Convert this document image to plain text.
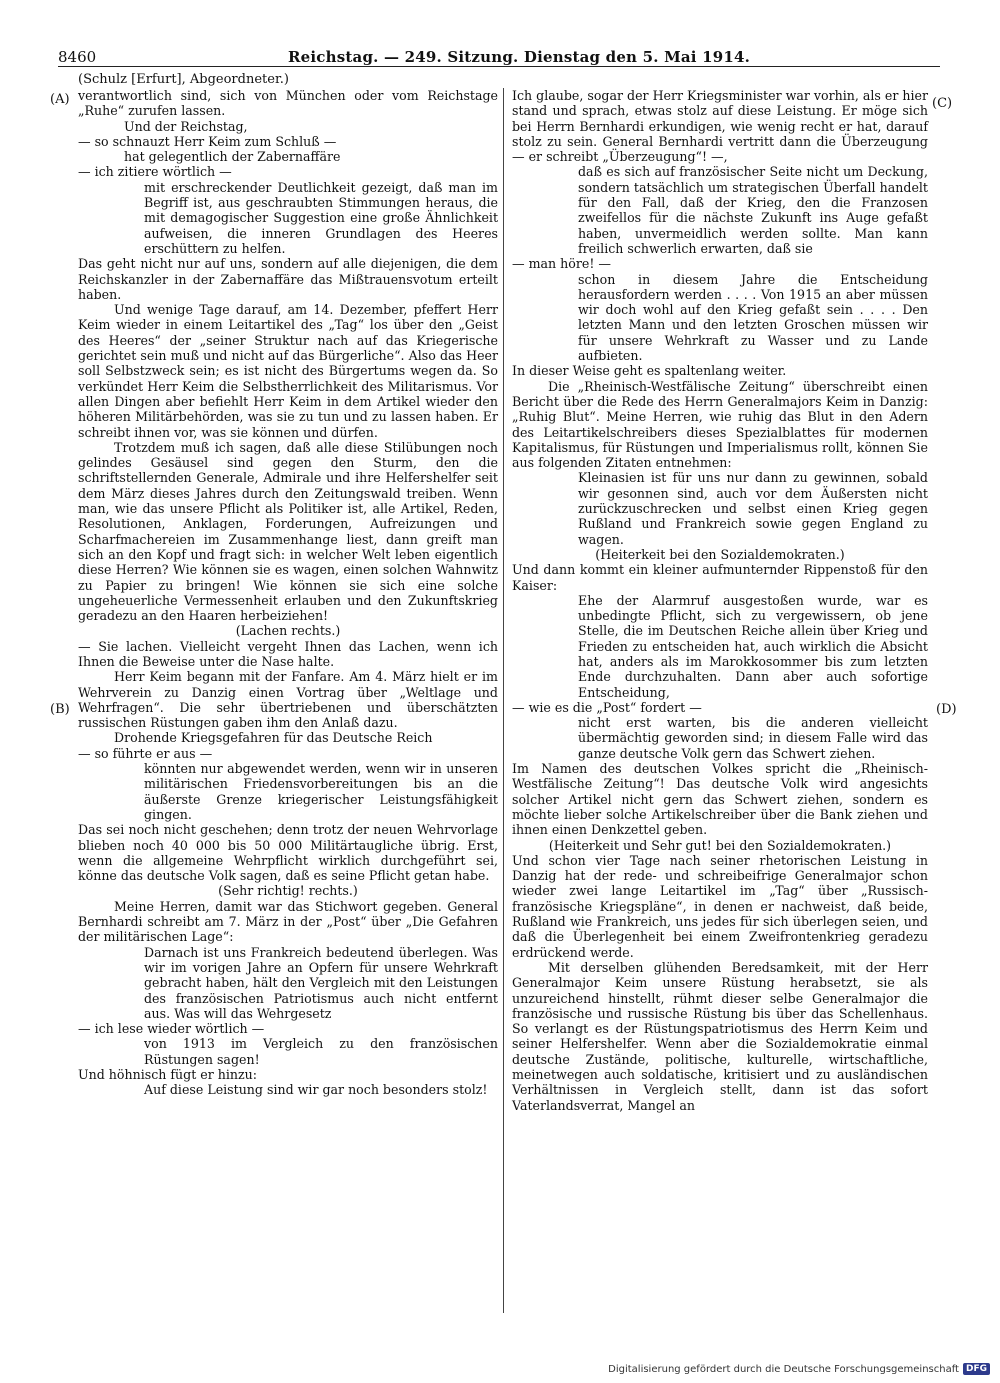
8460	Reichstag. — 249. Sitzung. Dienstag den 5. Mai 1914.
(Schulz [Erfurt], Abgeordneter.)
(A)
(B)
(C)
(D)

verantwortlich sind, sich von München oder vom Reichstage „Ruhe“ zurufen lassen.

Und der Reichstag,

— so schnauzt Herr Keim zum Schluß —

hat gelegentlich der Zabernaffäre

— ich zitiere wörtlich —

mit erschreckender Deutlichkeit gezeigt, daß man im Begriff ist, aus geschraubten Stimmungen heraus, die mit demagogischer Suggestion eine große Ähnlichkeit aufweisen, die inneren Grundlagen des Heeres erschüttern zu helfen.

Das geht nicht nur auf uns, sondern auf alle diejenigen, die dem Reichskanzler in der Zabernaffäre das Mißtrauensvotum erteilt haben.

Und wenige Tage darauf, am 14. Dezember, pfeffert Herr Keim wieder in einem Leitartikel des „Tag“ los über den „Geist des Heeres“ der „seiner Struktur nach auf das Kriegerische gerichtet sein muß und nicht auf das Bürgerliche“. Also das Heer soll Selbstzweck sein; es ist nicht des Bürgertums wegen da. So verkündet Herr Keim die Selbstherrlichkeit des Militarismus. Vor allen Dingen aber befiehlt Herr Keim in dem Artikel wieder den höheren Militärbehörden, was sie zu tun und zu lassen haben. Er schreibt ihnen vor, was sie können und dürfen.

Trotzdem muß ich sagen, daß alle diese Stilübungen noch gelindes Gesäusel sind gegen den Sturm, den die schriftstellernden Generale, Admirale und ihre Helfershelfer seit dem März dieses Jahres durch den Zeitungswald treiben. Wenn man, wie das unsere Pflicht als Politiker ist, alle Artikel, Reden, Resolutionen, Anklagen, Forderungen, Aufreizungen und Scharfmachereien im Zusammenhange liest, dann greift man sich an den Kopf und fragt sich: in welcher Welt leben eigentlich diese Herren? Wie können sie es wagen, einen solchen Wahnwitz zu Papier zu bringen! Wie können sie sich eine solche ungeheuerliche Vermessenheit erlauben und den Zukunftskrieg geradezu an den Haaren herbeiziehen!

(Lachen rechts.)

— Sie lachen. Vielleicht vergeht Ihnen das Lachen, wenn ich Ihnen die Beweise unter die Nase halte.

Herr Keim begann mit der Fanfare. Am 4. März hielt er im Wehrverein zu Danzig einen Vortrag über „Weltlage und Wehrfragen“. Die sehr übertriebenen und überschätzten russischen Rüstungen gaben ihm den Anlaß dazu.

Drohende Kriegsgefahren für das Deutsche Reich

— so führte er aus —

könnten nur abgewendet werden, wenn wir in unseren militärischen Friedensvorbereitungen bis an die äußerste Grenze kriegerischer Leistungsfähigkeit gingen.

Das sei noch nicht geschehen; denn trotz der neuen Wehrvorlage blieben noch 40 000 bis 50 000 Militärtaugliche übrig. Erst, wenn die allgemeine Wehrpflicht wirklich durchgeführt sei, könne das deutsche Volk sagen, daß es seine Pflicht getan habe.

(Sehr richtig! rechts.)

Meine Herren, damit war das Stichwort gegeben. General Bernhardi schreibt am 7. März in der „Post“ über „Die Gefahren der militärischen Lage“:

Darnach ist uns Frankreich bedeutend überlegen. Was wir im vorigen Jahre an Opfern für unsere Wehrkraft gebracht haben, hält den Vergleich mit den Leistungen des französischen Patriotismus auch nicht entfernt aus. Was will das Wehrgesetz

— ich lese wieder wörtlich —

von 1913 im Vergleich zu den französischen Rüstungen sagen!

Und höhnisch fügt er hinzu:

Auf diese Leistung sind wir gar noch besonders stolz!

Ich glaube, sogar der Herr Kriegsminister war vorhin, als er hier stand und sprach, etwas stolz auf diese Leistung. Er möge sich bei Herrn Bernhardi erkundigen, wie wenig recht er hat, darauf stolz zu sein. General Bernhardi vertritt dann die Überzeugung — er schreibt „Überzeugung“! —,

daß es sich auf französischer Seite nicht um Deckung, sondern tatsächlich um strategischen Überfall handelt für den Fall, daß der Krieg, den die Franzosen zweifellos für die nächste Zukunft ins Auge gefaßt haben, unvermeidlich werden sollte. Man kann freilich schwerlich erwarten, daß sie

— man höre! —

schon in diesem Jahre die Entscheidung herausfordern werden . . . . Von 1915 an aber müssen wir doch wohl auf den Krieg gefaßt sein . . . . Den letzten Mann und den letzten Groschen müssen wir für unsere Wehrkraft zu Wasser und zu Lande aufbieten.

In dieser Weise geht es spaltenlang weiter.

Die „Rheinisch-Westfälische Zeitung“ überschreibt einen Bericht über die Rede des Herrn Generalmajors Keim in Danzig: „Ruhig Blut“. Meine Herren, wie ruhig das Blut in den Adern des Leitartikelschreibers dieses Spezialblattes für modernen Kapitalismus, für Rüstungen und Imperialismus rollt, können Sie aus folgenden Zitaten entnehmen:

Kleinasien ist für uns nur dann zu gewinnen, sobald wir gesonnen sind, auch vor dem Äußersten nicht zurückzuschrecken und selbst einen Krieg gegen Rußland und Frankreich sowie gegen England zu wagen.

(Heiterkeit bei den Sozialdemokraten.)

Und dann kommt ein kleiner aufmunternder Rippenstoß für den Kaiser:

Ehe der Alarmruf ausgestoßen wurde, war es unbedingte Pflicht, sich zu vergewissern, ob jene Stelle, die im Deutschen Reiche allein über Krieg und Frieden zu entscheiden hat, auch wirklich die Absicht hat, anders als im Marokkosommer bis zum letzten Ende durchzuhalten. Dann aber auch sofortige Entscheidung,

— wie es die „Post“ fordert —

nicht erst warten, bis die anderen vielleicht übermächtig geworden sind; in diesem Falle wird das ganze deutsche Volk gern das Schwert ziehen.

Im Namen des deutschen Volkes spricht die „Rheinisch-Westfälische Zeitung“! Das deutsche Volk wird angesichts solcher Artikel nicht gern das Schwert ziehen, sondern es möchte lieber solche Artikelschreiber über die Bank ziehen und ihnen einen Denkzettel geben.

(Heiterkeit und Sehr gut! bei den Sozialdemokraten.)

Und schon vier Tage nach seiner rhetorischen Leistung in Danzig hat der rede- und schreibeifrige Generalmajor schon wieder zwei lange Leitartikel im „Tag“ über „Russisch-französische Kriegspläne“, in denen er nachweist, daß beide, Rußland wie Frankreich, uns jedes für sich überlegen seien, und daß die Überlegenheit bei einem Zweifrontenkrieg geradezu erdrückend werde.

Mit derselben glühenden Beredsamkeit, mit der Herr Generalmajor Keim unsere Rüstung herabsetzt, sie als unzureichend hinstellt, rühmt dieser selbe Generalmajor die französische und russische Rüstung bis über das Schellenhaus. So verlangt es der Rüstungspatriotismus des Herrn Keim und seiner Helfershelfer. Wenn aber die Sozialdemokratie einmal deutsche Zustände, politische, kulturelle, wirtschaftliche, meinetwegen auch soldatische, kritisiert und zu ausländischen Verhältnissen in Vergleich stellt, dann ist das sofort Vaterlandsverrat, Mangel an

Digitalisierung gefördert durch die Deutsche Forschungsgemeinschaft DFG
